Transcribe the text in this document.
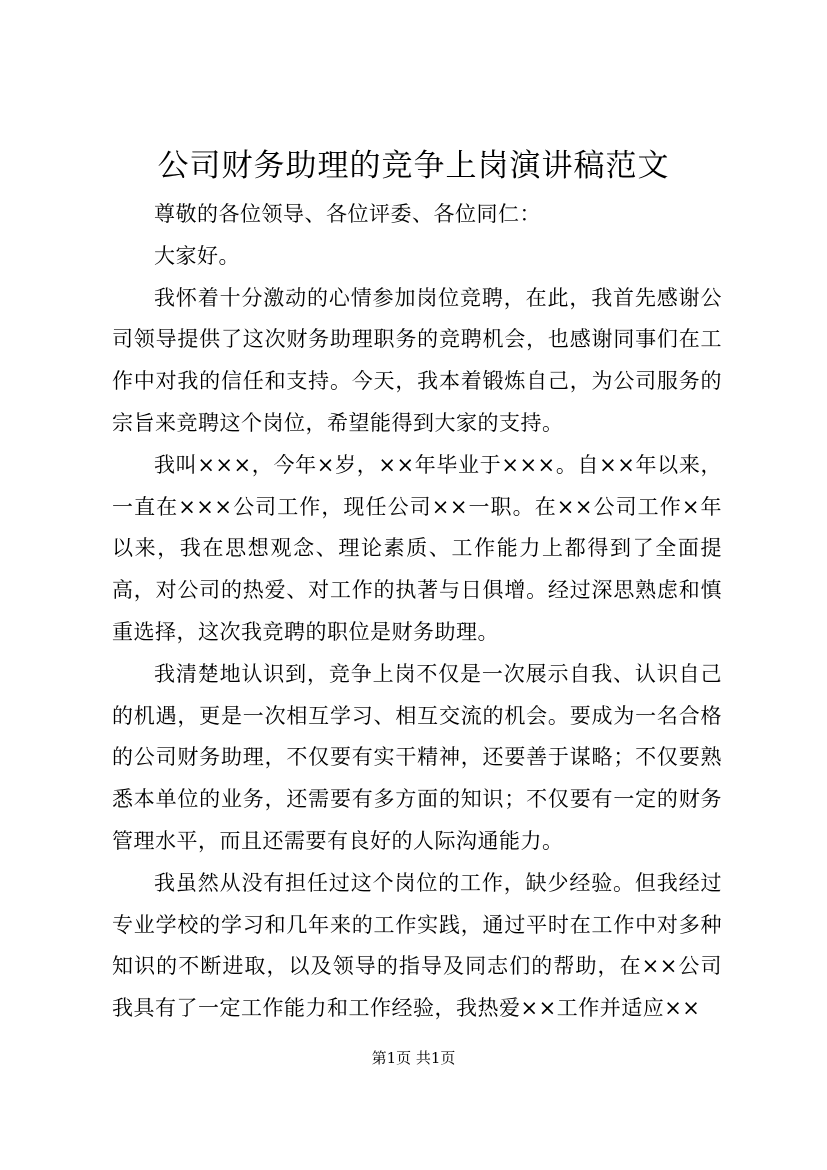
公司财务助理的竞争上岗演讲稿范文

尊敬的各位领导、各位评委、各位同仁：

大家好。

我怀着十分激动的心情参加岗位竞聘，在此，我首先感谢公司领导提供了这次财务助理职务的竞聘机会，也感谢同事们在工作中对我的信任和支持。今天，我本着锻炼自己，为公司服务的宗旨来竞聘这个岗位，希望能得到大家的支持。

我叫×××，今年×岁，××年毕业于×××。自××年以来，一直在×××公司工作，现任公司××一职。在××公司工作×年以来，我在思想观念、理论素质、工作能力上都得到了全面提高，对公司的热爱、对工作的执著与日俱增。经过深思熟虑和慎重选择，这次我竞聘的职位是财务助理。

我清楚地认识到，竞争上岗不仅是一次展示自我、认识自己的机遇，更是一次相互学习、相互交流的机会。要成为一名合格的公司财务助理，不仅要有实干精神，还要善于谋略；不仅要熟悉本单位的业务，还需要有多方面的知识；不仅要有一定的财务管理水平，而且还需要有良好的人际沟通能力。

我虽然从没有担任过这个岗位的工作，缺少经验。但我经过专业学校的学习和几年来的工作实践，通过平时在工作中对多种知识的不断进取，以及领导的指导及同志们的帮助，在××公司我具有了一定工作能力和工作经验，我热爱××工作并适应××

第1页 共1页
